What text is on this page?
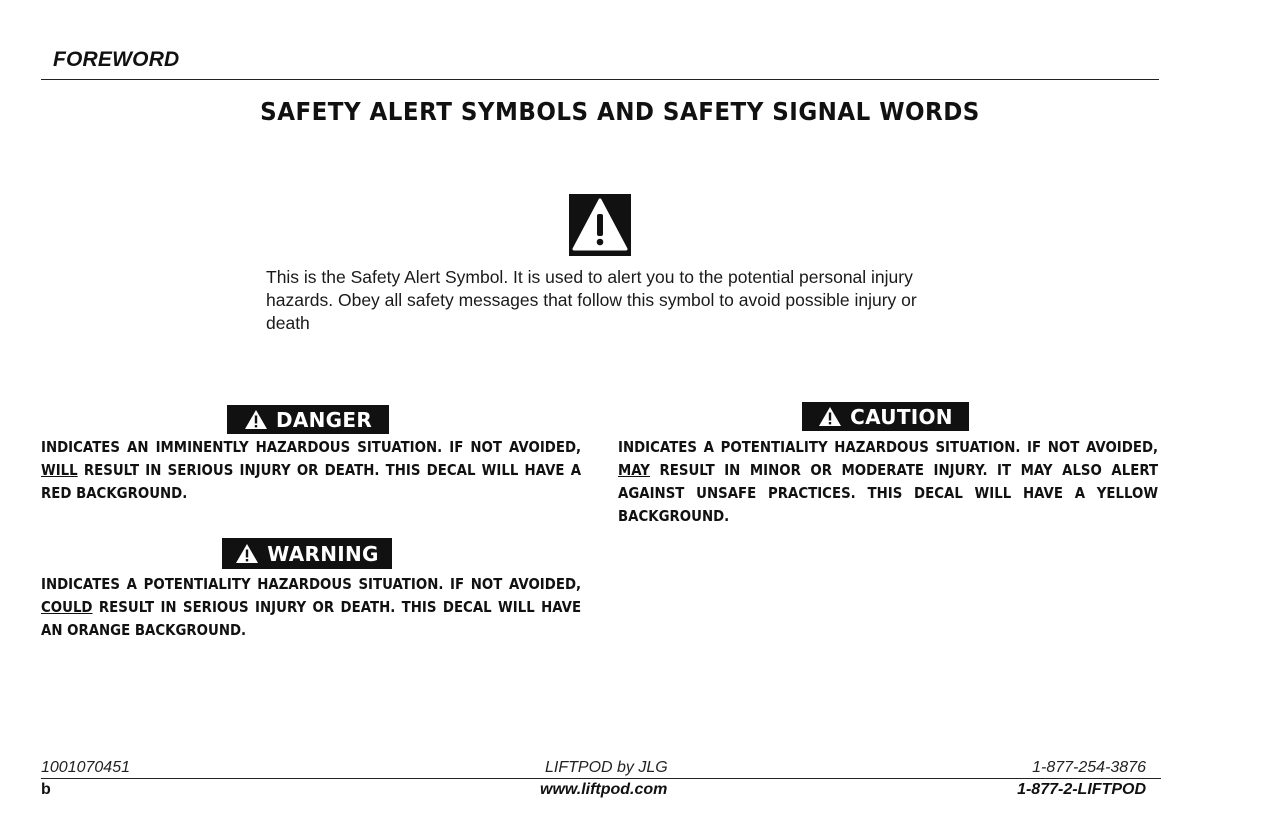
FOREWORD
SAFETY ALERT SYMBOLS AND SAFETY SIGNAL WORDS
This is the Safety Alert Symbol. It is used to alert you to the potential personal injury hazards. Obey all safety messages that follow this symbol to avoid possible injury or death
DANGER
INDICATES AN IMMINENTLY HAZARDOUS SITUATION. IF NOT AVOIDED, WILL RESULT IN SERIOUS INJURY OR DEATH. THIS DECAL WILL HAVE A RED BACKGROUND.
WARNING
INDICATES A POTENTIALITY HAZARDOUS SITUATION. IF NOT AVOIDED, COULD RESULT IN SERIOUS INJURY OR DEATH. THIS DECAL WILL HAVE AN ORANGE BACKGROUND.
CAUTION
INDICATES A POTENTIALITY HAZARDOUS SITUATION. IF NOT AVOIDED, MAY RESULT IN MINOR OR MODERATE INJURY. IT MAY ALSO ALERT AGAINST UNSAFE PRACTICES. THIS DECAL WILL HAVE A YELLOW BACKGROUND.
1001070451	LIFTPOD by JLG	1-877-254-3876
b	www.liftpod.com	1-877-2-LIFTPOD
